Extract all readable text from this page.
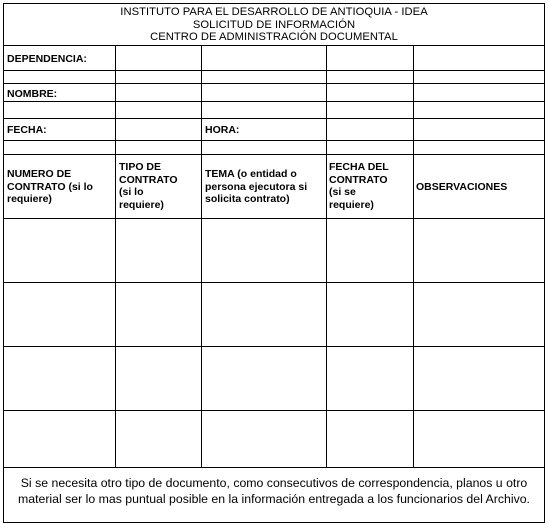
INSTITUTO PARA EL DESARROLLO DE ANTIOQUIA - IDEA
SOLICITUD DE INFORMACIÓN
CENTRO DE ADMINISTRACIÓN DOCUMENTAL
DEPENDENCIA:
NOMBRE:
FECHA:	HORA:
NUMERO DE
CONTRATO (si lo
requiere)
TIPO DE
CONTRATO
(si lo
requiere)
TEMA (o entidad o
persona ejecutora si
solicita contrato)
FECHA DEL
CONTRATO
(si se
requiere)
OBSERVACIONES
Si se necesita otro tipo de documento, como consecutivos de correspondencia, planos u otro material ser lo mas puntual posible en la información entregada a los funcionarios del Archivo.
